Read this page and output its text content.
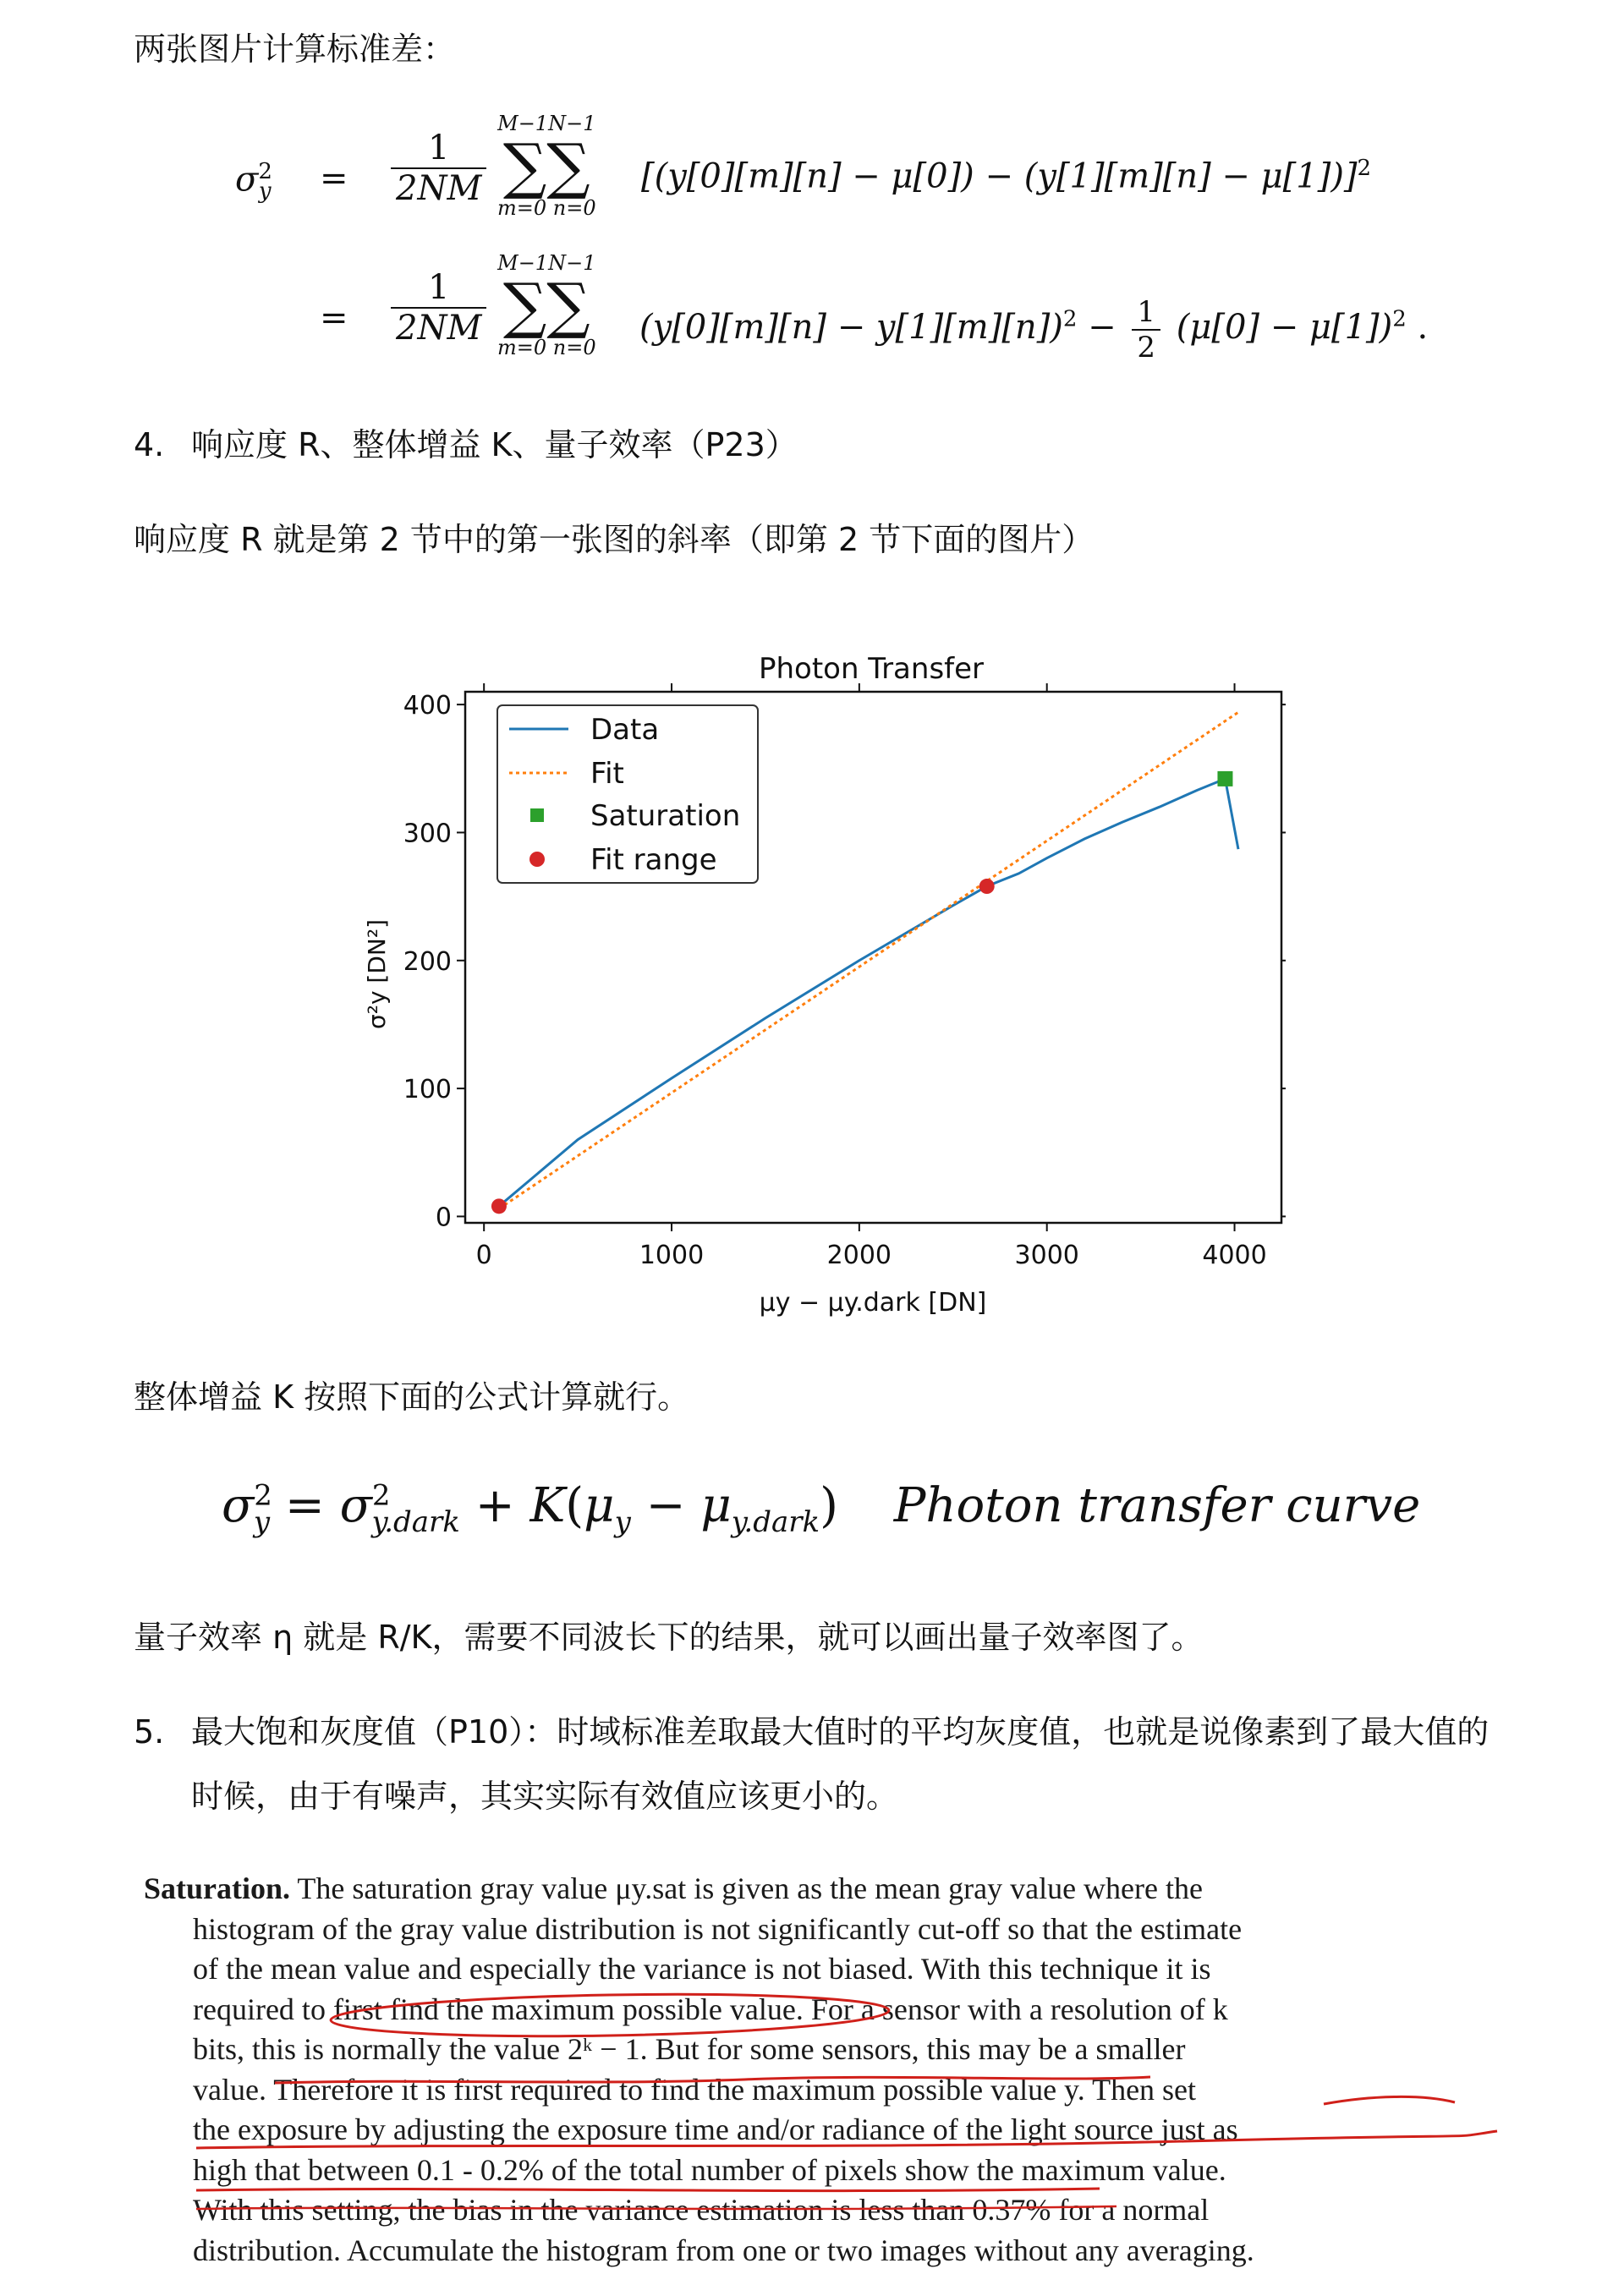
两张图片计算标准差：
$\sigma^2_y = \frac{1}{2NM}$
M−1N−1
∑∑
m=0 n=0
$[(y[0][m][n] - \mu[0]) - (y[1][m][n] - \mu[1])]^2$
= $\frac{1}{2NM}$
M−1N−1
∑∑
m=0 n=0
$(y[0][m][n] - y[1][m][n])^2 - \frac{1}{2} (\mu[0] - \mu[1])^2$ .
4. 响应度 R、整体增益 K、量子效率（P23）
响应度 R 就是第 2 节中的第一张图的斜率（即第 2 节下面的图片）
Photon Transfer
0	1000	2000	3000	4000
0
100
200
300
400
μy − μy.dark [DN]
σ²y [DN²]
Data
Fit
Saturation
Fit range
整体增益 K 按照下面的公式计算就行。
$\sigma^2_y = \sigma^2_{y.dark} + K(\mu_y - \mu_{y.dark})$ Photon transfer curve
量子效率 η 就是 R/K，需要不同波长下的结果，就可以画出量子效率图了。
5. 最大饱和灰度值（P10）：时域标准差取最大值时的平均灰度值，也就是说像素到了最大值的
时候，由于有噪声，其实实际有效值应该更小的。
Saturation. The saturation gray value μy.sat is given as the mean gray value where the
histogram of the gray value distribution is not significantly cut-off so that the estimate
of the mean value and especially the variance is not biased. With this technique it is
required to first find the maximum possible value. For a sensor with a resolution of k
bits, this is normally the value 2ᵏ − 1. But for some sensors, this may be a smaller
value. Therefore it is first required to find the maximum possible value y. Then set
the exposure by adjusting the exposure time and/or radiance of the light source just as
high that between 0.1 - 0.2% of the total number of pixels show the maximum value.
With this setting, the bias in the variance estimation is less than 0.37% for a normal
distribution. Accumulate the histogram from one or two images without any averaging.
